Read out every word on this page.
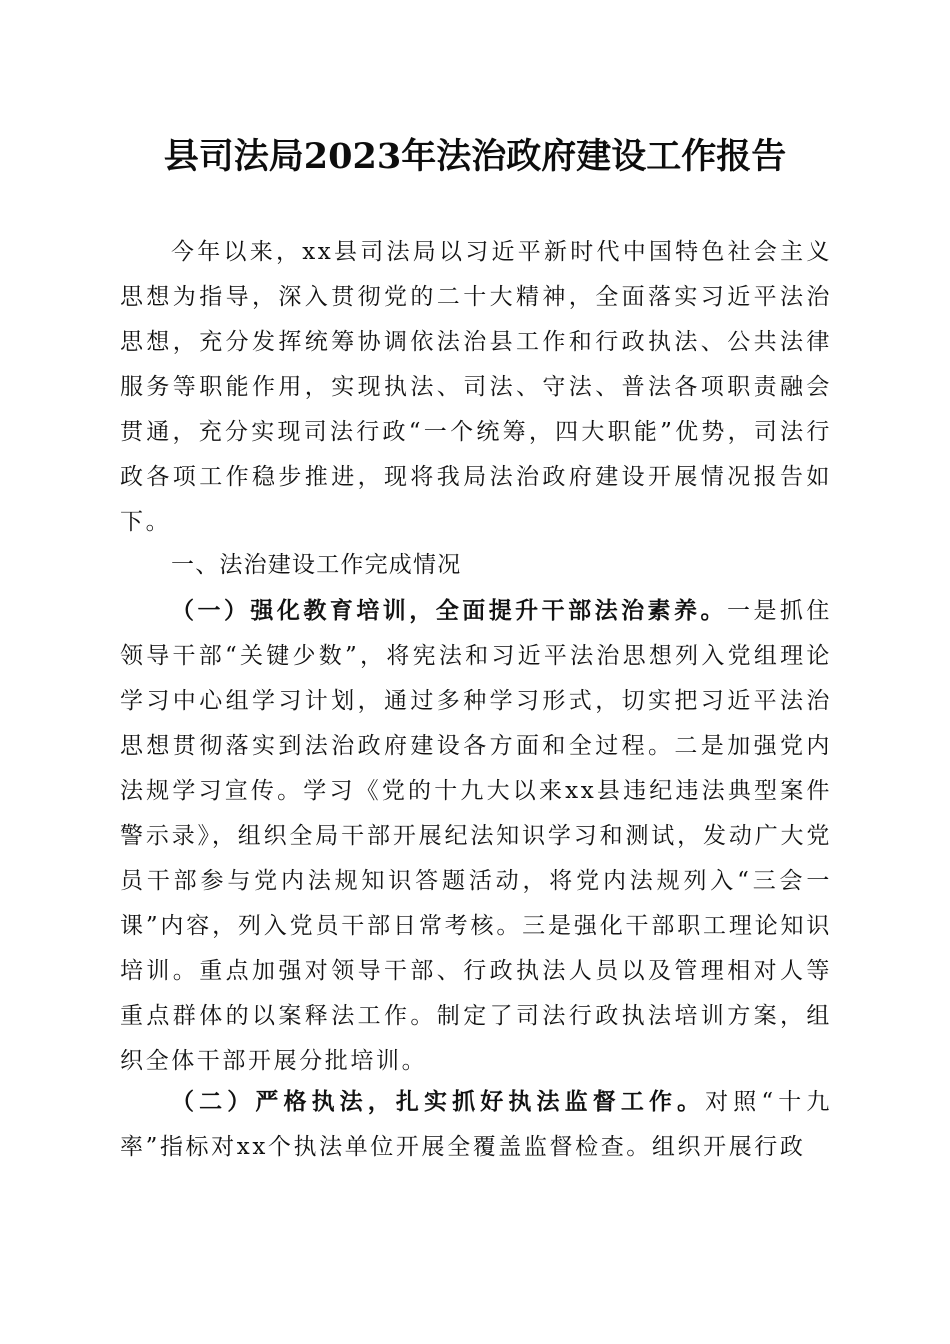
县司法局2023年法治政府建设工作报告
今年以来，xx县司法局以习近平新时代中国特色社会主义思想为指导，深入贯彻党的二十大精神，全面落实习近平法治思想，充分发挥统筹协调依法治县工作和行政执法、公共法律服务等职能作用，实现执法、司法、守法、普法各项职责融会贯通，充分实现司法行政“一个统筹，四大职能”优势，司法行政各项工作稳步推进，现将我局法治政府建设开展情况报告如下。
一、法治建设工作完成情况
（一）强化教育培训，全面提升干部法治素养。一是抓住领导干部“关键少数”，将宪法和习近平法治思想列入党组理论学习中心组学习计划，通过多种学习形式，切实把习近平法治思想贯彻落实到法治政府建设各方面和全过程。二是加强党内法规学习宣传。学习《党的十九大以来xx县违纪违法典型案件警示录》，组织全局干部开展纪法知识学习和测试，发动广大党员干部参与党内法规知识答题活动，将党内法规列入“三会一课”内容，列入党员干部日常考核。三是强化干部职工理论知识培训。重点加强对领导干部、行政执法人员以及管理相对人等重点群体的以案释法工作。制定了司法行政执法培训方案，组织全体干部开展分批培训。
（二）严格执法，扎实抓好执法监督工作。对照“十九率”指标对xx个执法单位开展全覆盖监督检查。组织开展行政
